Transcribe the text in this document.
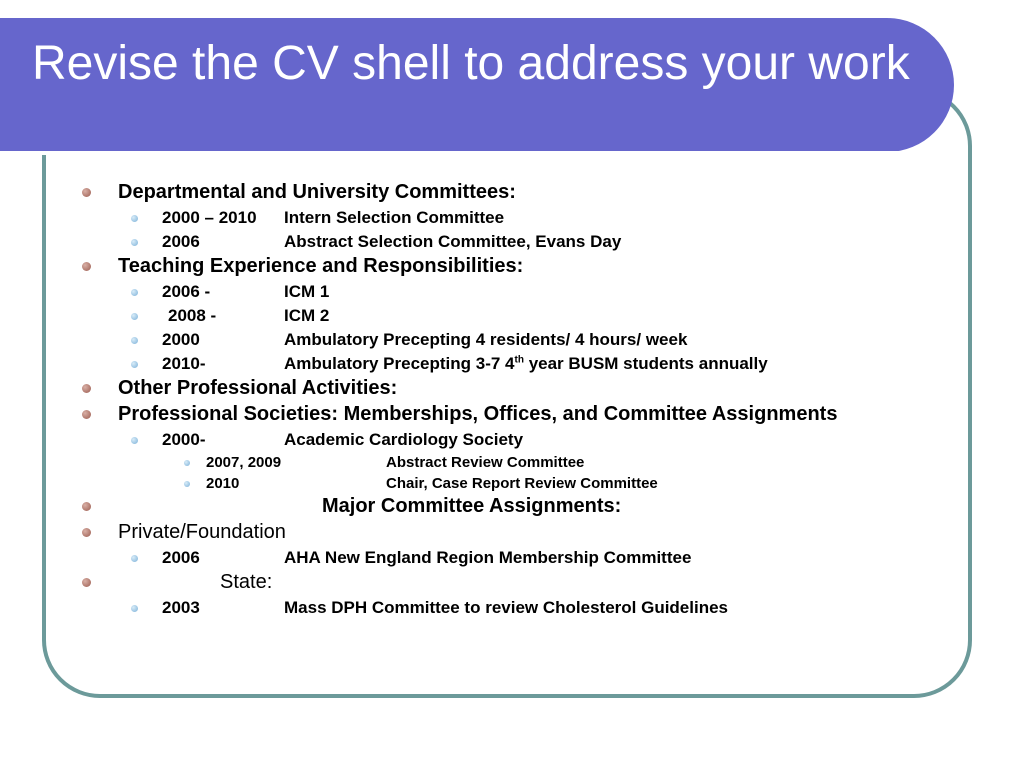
Revise the CV shell to address your work
Departmental and University Committees:
2000 – 2010 Intern Selection Committee
2006	Abstract Selection Committee, Evans Day
Teaching Experience and Responsibilities:
2006 -	ICM 1
2008 -	ICM 2
2000	Ambulatory Precepting 4 residents/ 4 hours/ week
2010-	Ambulatory Precepting 3-7 4th year BUSM students annually
Other Professional Activities:
Professional Societies: Memberships, Offices, and Committee Assignments
2000-	Academic Cardiology Society
2007, 2009	Abstract Review Committee
2010	Chair, Case Report Review Committee
Major Committee Assignments:
Private/Foundation
2006	AHA New England Region Membership Committee
State:
2003	Mass DPH Committee to review Cholesterol Guidelines
